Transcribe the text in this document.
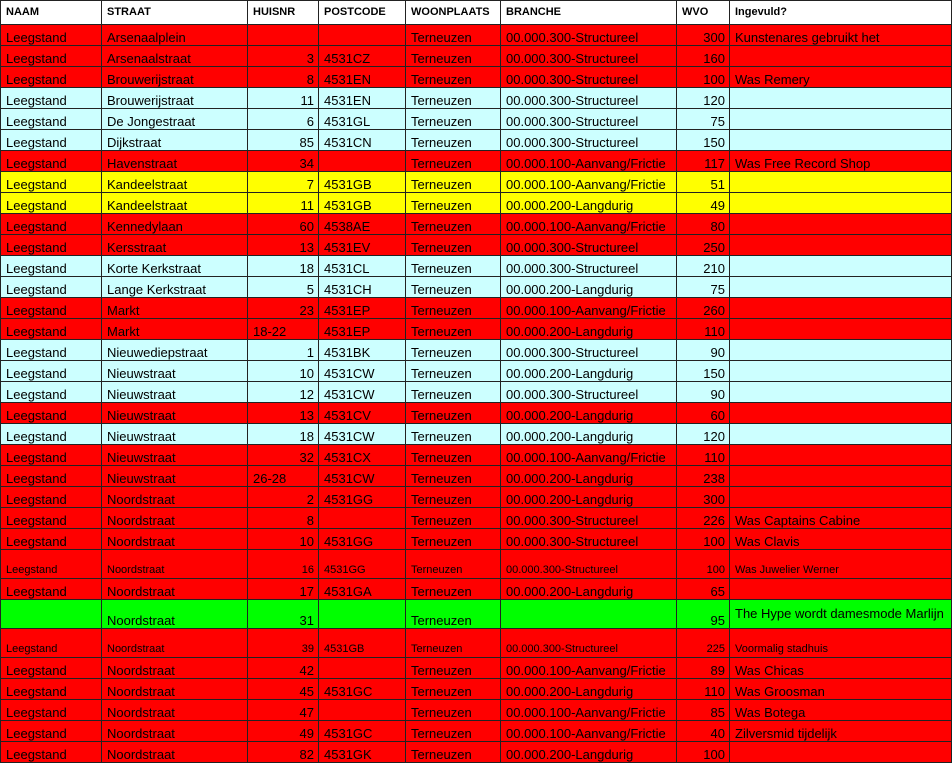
NAAM	STRAAT	HUISNR	POSTCODE	WOONPLAATS	BRANCHE	WVO	Ingevuld?
Leegstand	Arsenaalplein			Terneuzen	00.000.300-Structureel	300	Kunstenares gebruikt het
Leegstand	Arsenaalstraat	3	4531CZ	Terneuzen	00.000.300-Structureel	160	
Leegstand	Brouwerijstraat	8	4531EN	Terneuzen	00.000.300-Structureel	100	Was Remery
Leegstand	Brouwerijstraat	11	4531EN	Terneuzen	00.000.300-Structureel	120	
Leegstand	De Jongestraat	6	4531GL	Terneuzen	00.000.300-Structureel	75	
Leegstand	Dijkstraat	85	4531CN	Terneuzen	00.000.300-Structureel	150	
Leegstand	Havenstraat	34		Terneuzen	00.000.100-Aanvang/Frictie	117	Was Free Record Shop
Leegstand	Kandeelstraat	7	4531GB	Terneuzen	00.000.100-Aanvang/Frictie	51	
Leegstand	Kandeelstraat	11	4531GB	Terneuzen	00.000.200-Langdurig	49	
Leegstand	Kennedylaan	60	4538AE	Terneuzen	00.000.100-Aanvang/Frictie	80	
Leegstand	Kersstraat	13	4531EV	Terneuzen	00.000.300-Structureel	250	
Leegstand	Korte Kerkstraat	18	4531CL	Terneuzen	00.000.300-Structureel	210	
Leegstand	Lange Kerkstraat	5	4531CH	Terneuzen	00.000.200-Langdurig	75	
Leegstand	Markt	23	4531EP	Terneuzen	00.000.100-Aanvang/Frictie	260	
Leegstand	Markt	18-22	4531EP	Terneuzen	00.000.200-Langdurig	110	
Leegstand	Nieuwediepstraat	1	4531BK	Terneuzen	00.000.300-Structureel	90	
Leegstand	Nieuwstraat	10	4531CW	Terneuzen	00.000.200-Langdurig	150	
Leegstand	Nieuwstraat	12	4531CW	Terneuzen	00.000.300-Structureel	90	
Leegstand	Nieuwstraat	13	4531CV	Terneuzen	00.000.200-Langdurig	60	
Leegstand	Nieuwstraat	18	4531CW	Terneuzen	00.000.200-Langdurig	120	
Leegstand	Nieuwstraat	32	4531CX	Terneuzen	00.000.100-Aanvang/Frictie	110	
Leegstand	Nieuwstraat	26-28	4531CW	Terneuzen	00.000.200-Langdurig	238	
Leegstand	Noordstraat	2	4531GG	Terneuzen	00.000.200-Langdurig	300	
Leegstand	Noordstraat	8		Terneuzen	00.000.300-Structureel	226	Was Captains Cabine
Leegstand	Noordstraat	10	4531GG	Terneuzen	00.000.300-Structureel	100	Was Clavis
Leegstand	Noordstraat	16	4531GG	Terneuzen	00.000.300-Structureel	100	Was Juwelier Werner
Leegstand	Noordstraat	17	4531GA	Terneuzen	00.000.200-Langdurig	65	
	Noordstraat	31		Terneuzen		95	The Hype wordt damesmode Marlijn
Leegstand	Noordstraat	39	4531GB	Terneuzen	00.000.300-Structureel	225	Voormalig stadhuis
Leegstand	Noordstraat	42		Terneuzen	00.000.100-Aanvang/Frictie	89	Was Chicas
Leegstand	Noordstraat	45	4531GC	Terneuzen	00.000.200-Langdurig	110	Was Groosman
Leegstand	Noordstraat	47		Terneuzen	00.000.100-Aanvang/Frictie	85	Was Botega
Leegstand	Noordstraat	49	4531GC	Terneuzen	00.000.100-Aanvang/Frictie	40	Zilversmid tijdelijk
Leegstand	Noordstraat	82	4531GK	Terneuzen	00.000.200-Langdurig	100	
